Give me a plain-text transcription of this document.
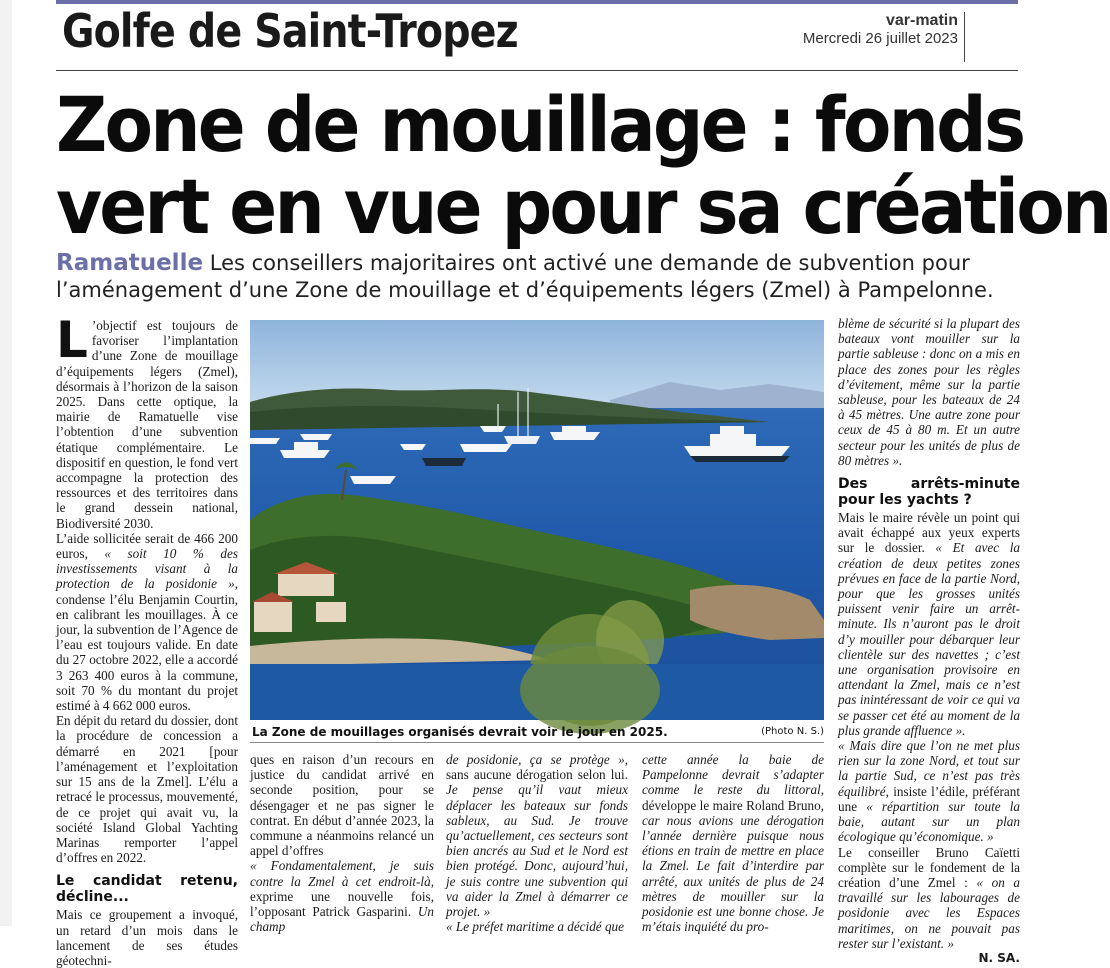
Golfe de Saint-Tropez	var-matin
Mercredi 26 juillet 2023
Zone de mouillage : fonds
vert en vue pour sa création
Ramatuelle Les conseillers majoritaires ont activé une demande de subvention pour l’aménagement d’une Zone de mouillage et d’équipements légers (Zmel) à Pampelonne.

L ’objectif est toujours de favoriser l’implantation d’une Zone de mouillage d’équipements légers (Zmel), désormais à l’horizon de la saison 2025. Dans cette optique, la mairie de Ramatuelle vise l’obtention d’une subvention étatique complémentaire. Le dispositif en question, le fond vert accompagne la protection des ressources et des territoires dans le grand dessein national, Biodiversité 2030.

L’aide sollicitée serait de 466 200 euros, « soit 10 % des investissements visant à la protection de la posidonie », condense l’élu Benjamin Courtin, en calibrant les mouillages. À ce jour, la subvention de l’Agence de l’eau est toujours valide. En date du 27 octobre 2022, elle a accordé 3 263 400 euros à la commune, soit 70 % du montant du projet estimé à 4 662 000 euros.

En dépit du retard du dossier, dont la procédure de concession a démarré en 2021 [pour l’aménagement et l’exploitation sur 15 ans de la Zmel]. L’élu a retracé le processus, mouvementé, de ce projet qui avait vu, la société Island Global Yachting Marinas remporter l’appel d’offres en 2022.

Le candidat retenu, décline...

Mais ce groupement a invoqué, un retard d’un mois dans le lancement de ses études géotechni-

La Zone de mouillages organisés devrait voir le jour en 2025.	(Photo N. S.)

ques en raison d’un recours en justice du candidat arrivé en seconde position, pour se désengager et ne pas signer le contrat. En début d’année 2023, la commune a néanmoins relancé un appel d’offres

« Fondamentalement, je suis contre la Zmel à cet endroit-là, exprime une nouvelle fois, l’opposant Patrick Gasparini. Un champ

de posidonie, ça se protège », sans aucune dérogation selon lui. Je pense qu’il vaut mieux déplacer les bateaux sur fonds sableux, au Sud. Je trouve qu’actuellement, ces secteurs sont bien ancrés au Sud et le Nord est bien protégé. Donc, aujourd’hui, je suis contre une subvention qui va aider la Zmel à démarrer ce projet. »

« Le préfet maritime a décidé que

cette année la baie de Pampelonne devrait s’adapter comme le reste du littoral, développe le maire Roland Bruno, car nous avions une dérogation l’année dernière puisque nous étions en train de mettre en place la Zmel. Le fait d’interdire par arrêté, aux unités de plus de 24 mètres de mouiller sur la posidonie est une bonne chose. Je m’étais inquiété du pro-

blème de sécurité si la plupart des bateaux vont mouiller sur la partie sableuse : donc on a mis en place des zones pour les règles d’évitement, même sur la partie sableuse, pour les bateaux de 24 à 45 mètres. Une autre zone pour ceux de 45 à 80 m. Et un autre secteur pour les unités de plus de 80 mètres ».

Des arrêts-minute pour les yachts ?

Mais le maire révèle un point qui avait échappé aux yeux experts sur le dossier. « Et avec la création de deux petites zones prévues en face de la partie Nord, pour que les grosses unités puissent venir faire un arrêt-minute. Ils n’auront pas le droit d’y mouiller pour débarquer leur clientèle sur des navettes ; c’est une organisation provisoire en attendant la Zmel, mais ce n’est pas inintéressant de voir ce qui va se passer cet été au moment de la plus grande affluence ».

« Mais dire que l’on ne met plus rien sur la zone Nord, et tout sur la partie Sud, ce n’est pas très équilibré, insiste l’édile, préférant une « répartition sur toute la baie, autant sur un plan écologique qu’économique. »

Le conseiller Bruno Caïetti complète sur le fondement de la création d’une Zmel : « on a travaillé sur les labourages de posidonie avec les Espaces maritimes, on ne pouvait pas rester sur l’existant. »

N. SA.
